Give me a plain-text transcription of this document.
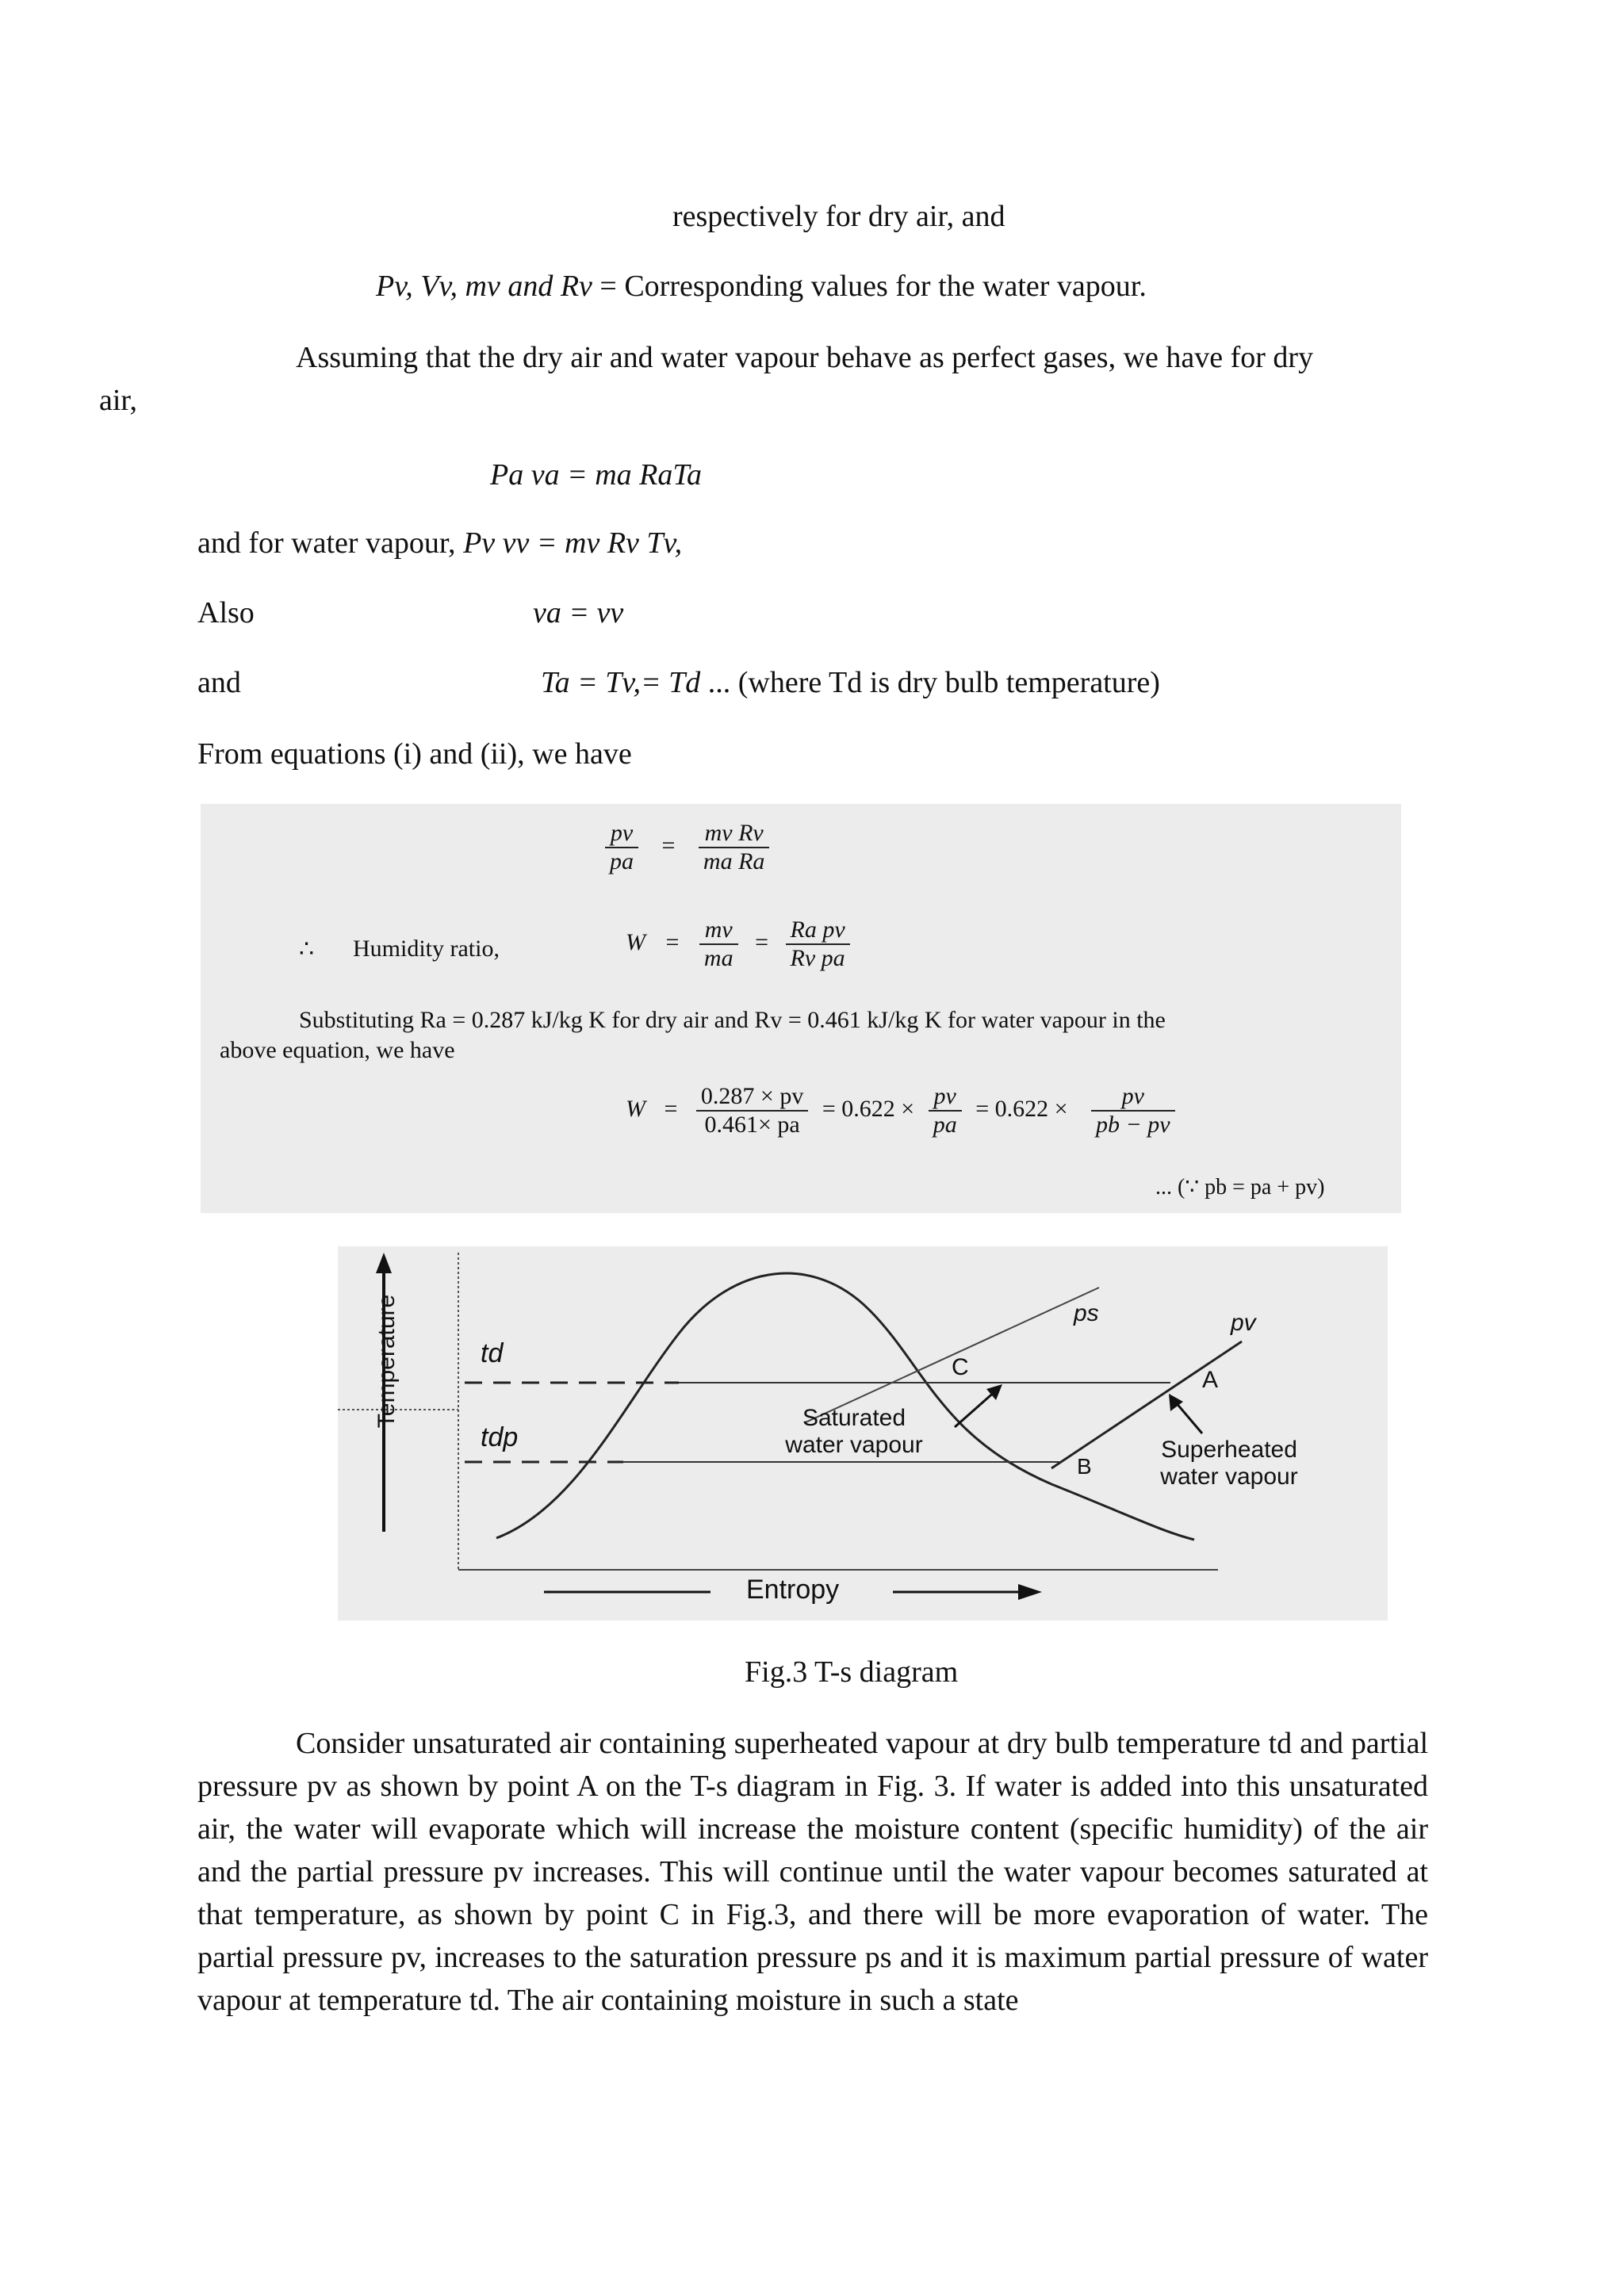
respectively for dry air, and
Pv, Vv, mv and Rv = Corresponding values for the water vapour.
Assuming that the dry air and water vapour behave as perfect gases, we have for dry
air,
Pa va = ma RaTa
and for water vapour, Pv vv = mv Rv Tv,
Also	va = vv
and	Ta = Tv,= Td ... (where Td is dry bulb temperature)
From equations (i) and (ii), we have
$\frac{pv}{pa} = \frac{\text{mv Rv}}{\text{ma Ra}}$
∴ Humidity ratio,	$W = \frac{mv}{ma} = \frac{\text{Ra pv}}{\text{Rv pa}}$
Substituting Ra = 0.287 kJ/kg K for dry air and Rv = 0.461 kJ/kg K for water vapour in the
above equation, we have
$W = \frac{0.287 \times pv}{0.461\times pa} = 0.622 \times \frac{pv}{pa} = 0.622 \times \frac{pv}{pb - pv}$
... (∵ pb = pa + pv)
Temperature
Entropy
td
tdp
ps	pv
C	A
B
Saturated
water vapour	Superheated
water vapour
Fig.3 T-s diagram
Consider unsaturated air containing superheated vapour at dry bulb temperature td and partial pressure pv as shown by point A on the T-s diagram in Fig. 3. If water is added into this unsaturated air, the water will evaporate which will increase the moisture content (specific humidity) of the air and the partial pressure pv increases. This will continue until the water vapour becomes saturated at that temperature, as shown by point C in Fig.3, and there will be more evaporation of water. The partial pressure pv, increases to the saturation pressure ps and it is maximum partial pressure of water vapour at temperature td. The air containing moisture in such a state
